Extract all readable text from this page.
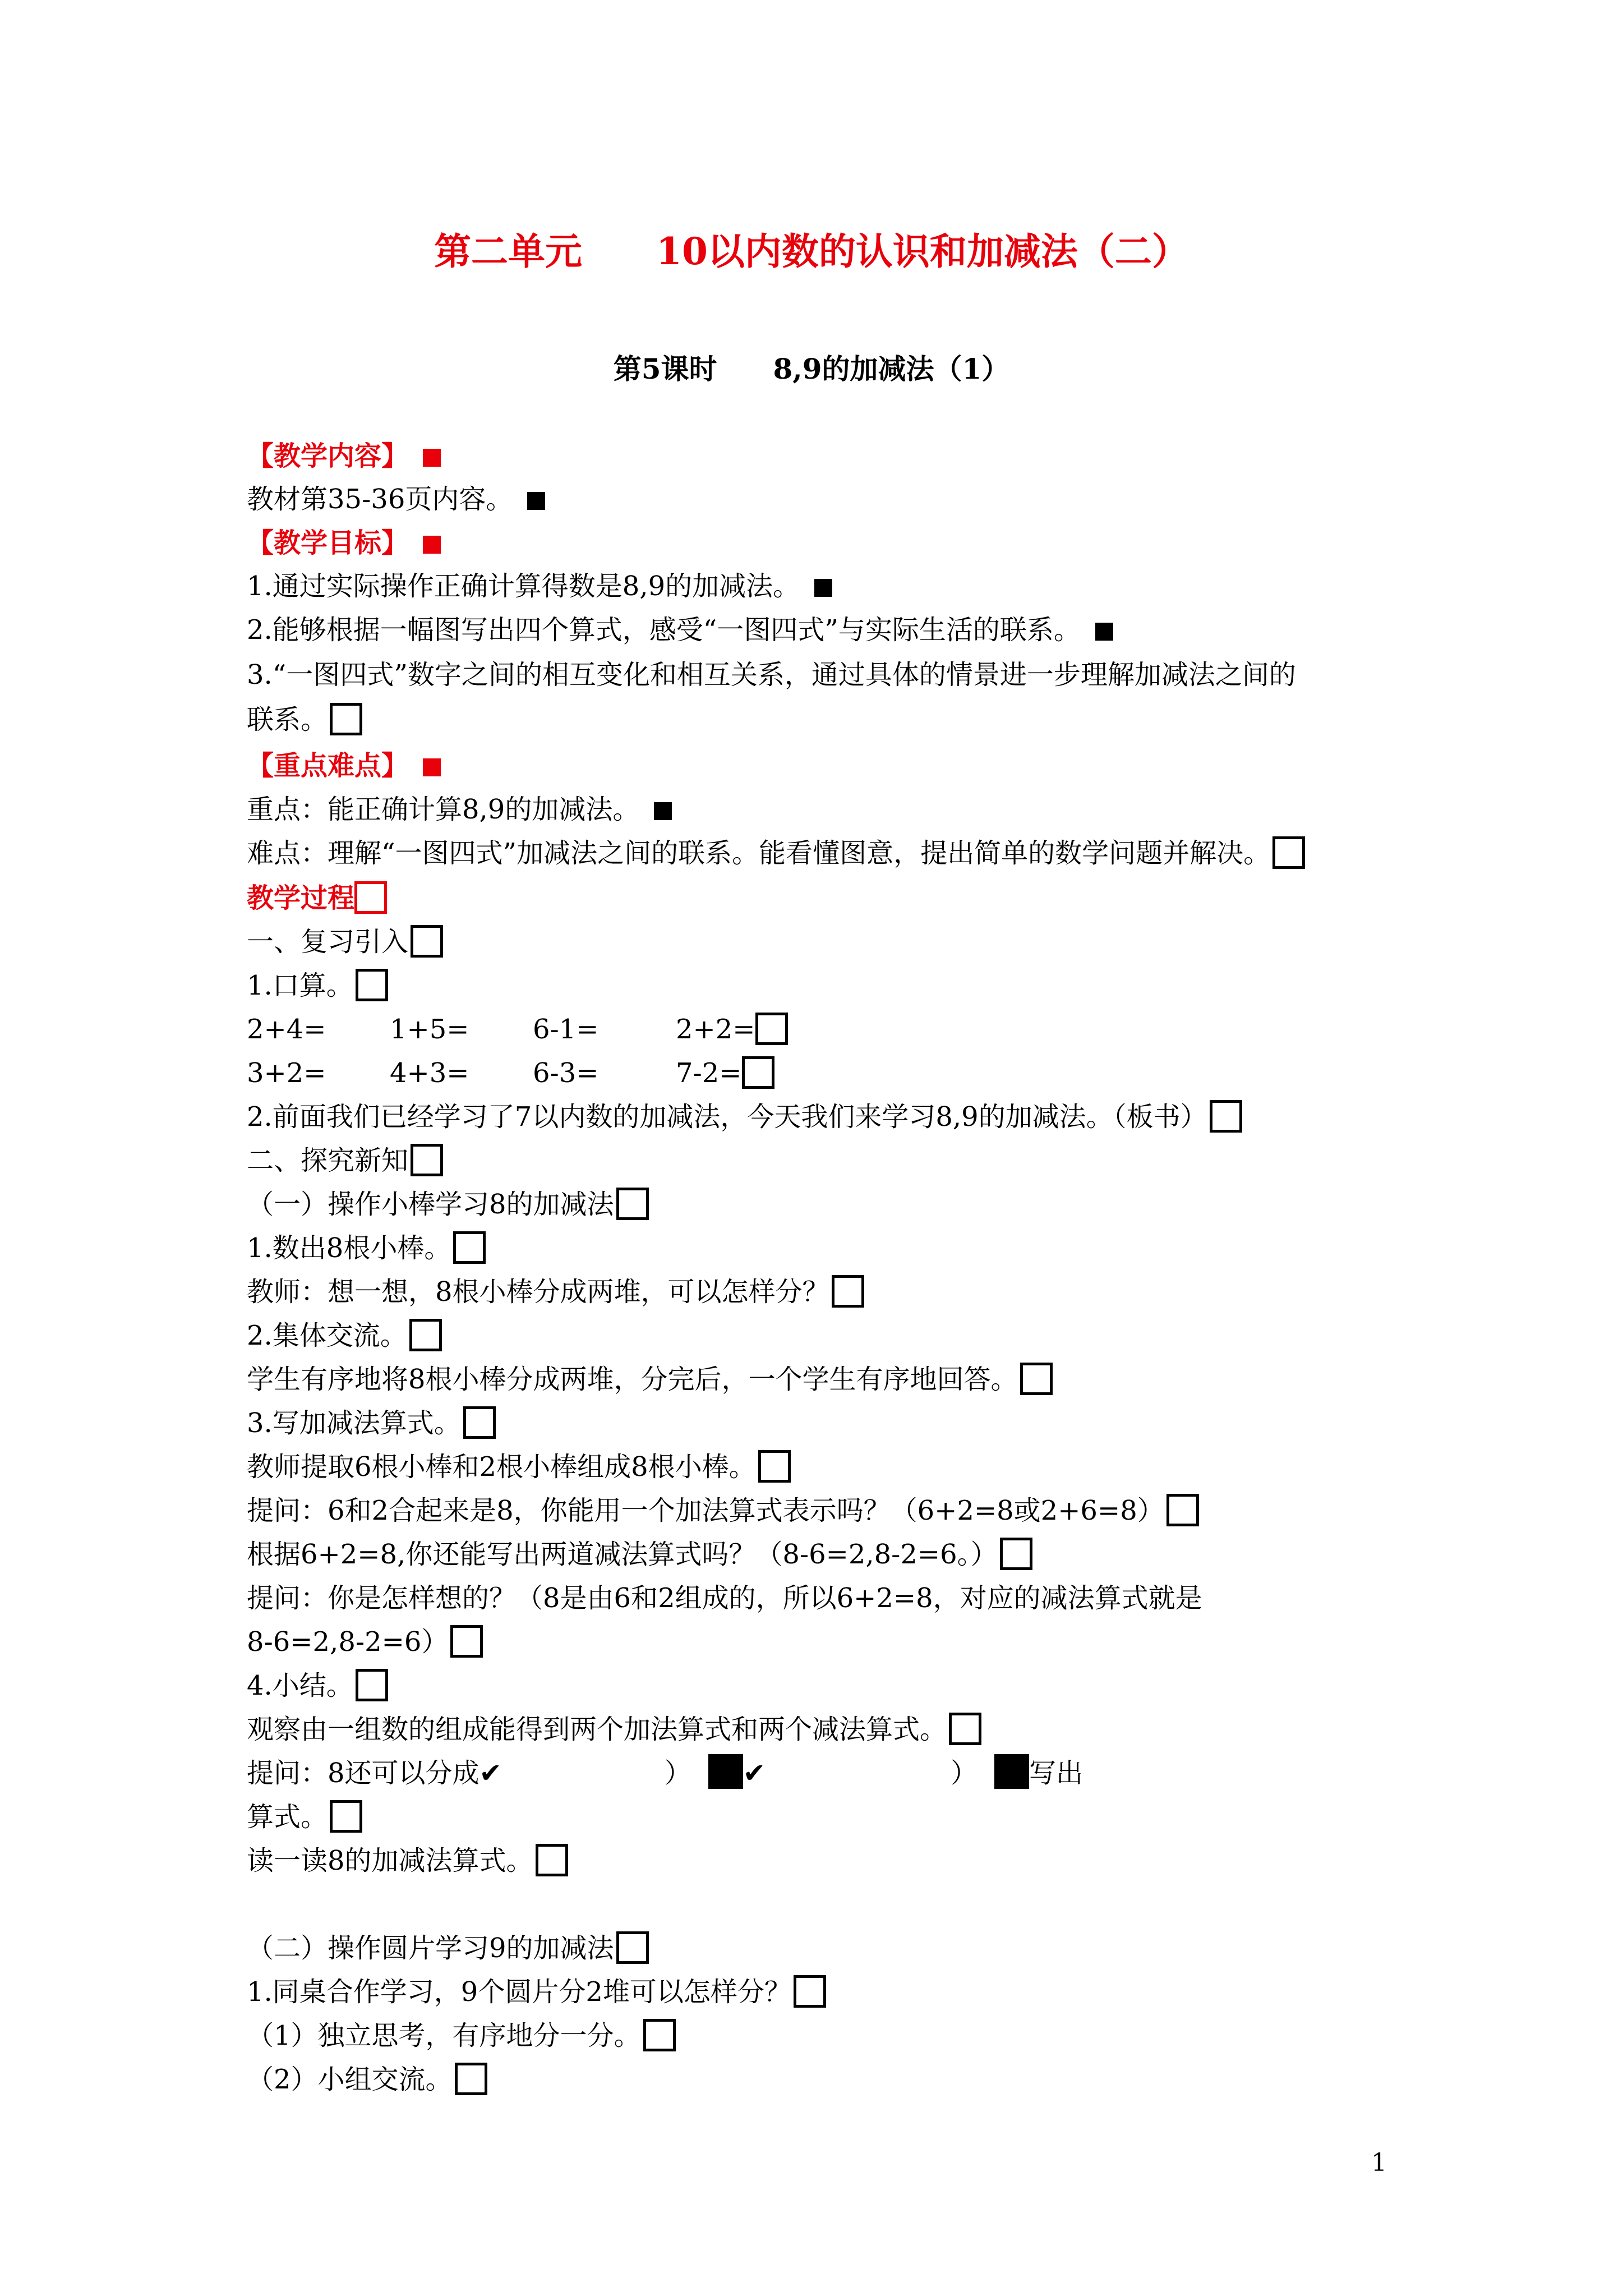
第二单元　　10以内数的认识和加减法（二）
第5课时　　8,9的加减法（1）
【教学内容】
教材第35-36页内容。
【教学目标】
1.通过实际操作正确计算得数是8,9的加减法。
2.能够根据一幅图写出四个算式，感受“一图四式”与实际生活的联系。
3.“一图四式”数字之间的相互变化和相互关系，通过具体的情景进一步理解加减法之间的
联系。
【重点难点】
重点：能正确计算8,9的加减法。
难点：理解“一图四式”加减法之间的联系。能看懂图意，提出简单的数学问题并解决。
教学过程
一、复习引入
1.口算。
2+4= 1+5= 6-1=	2+2=
3+2= 4+3= 6-3=	7-2=
2.前面我们已经学习了7以内数的加减法，今天我们来学习8,9的加减法。（板书）
二、探究新知
（一）操作小棒学习8的加减法
1.数出8根小棒。
教师：想一想，8根小棒分成两堆，可以怎样分？
2.集体交流。
学生有序地将8根小棒分成两堆，分完后，一个学生有序地回答。
3.写加减法算式。
教师提取6根小棒和2根小棒组成8根小棒。
提问：6和2合起来是8，你能用一个加法算式表示吗？（6+2=8或2+6=8）
根据6+2=8,你还能写出两道减法算式吗？（8-6=2,8-2=6。）
提问：你是怎样想的？（8是由6和2组成的，所以6+2=8，对应的减法算式就是
8-6=2,8-2=6）
4.小结。
观察由一组数的组成能得到两个加法算式和两个减法算式。
提问：8还可以分成✔	） ✔	） 写出
算式。
读一读8的加减法算式。
（二）操作圆片学习9的加减法
1.同桌合作学习，9个圆片分2堆可以怎样分？
（1）独立思考，有序地分一分。
（2）小组交流。
1
